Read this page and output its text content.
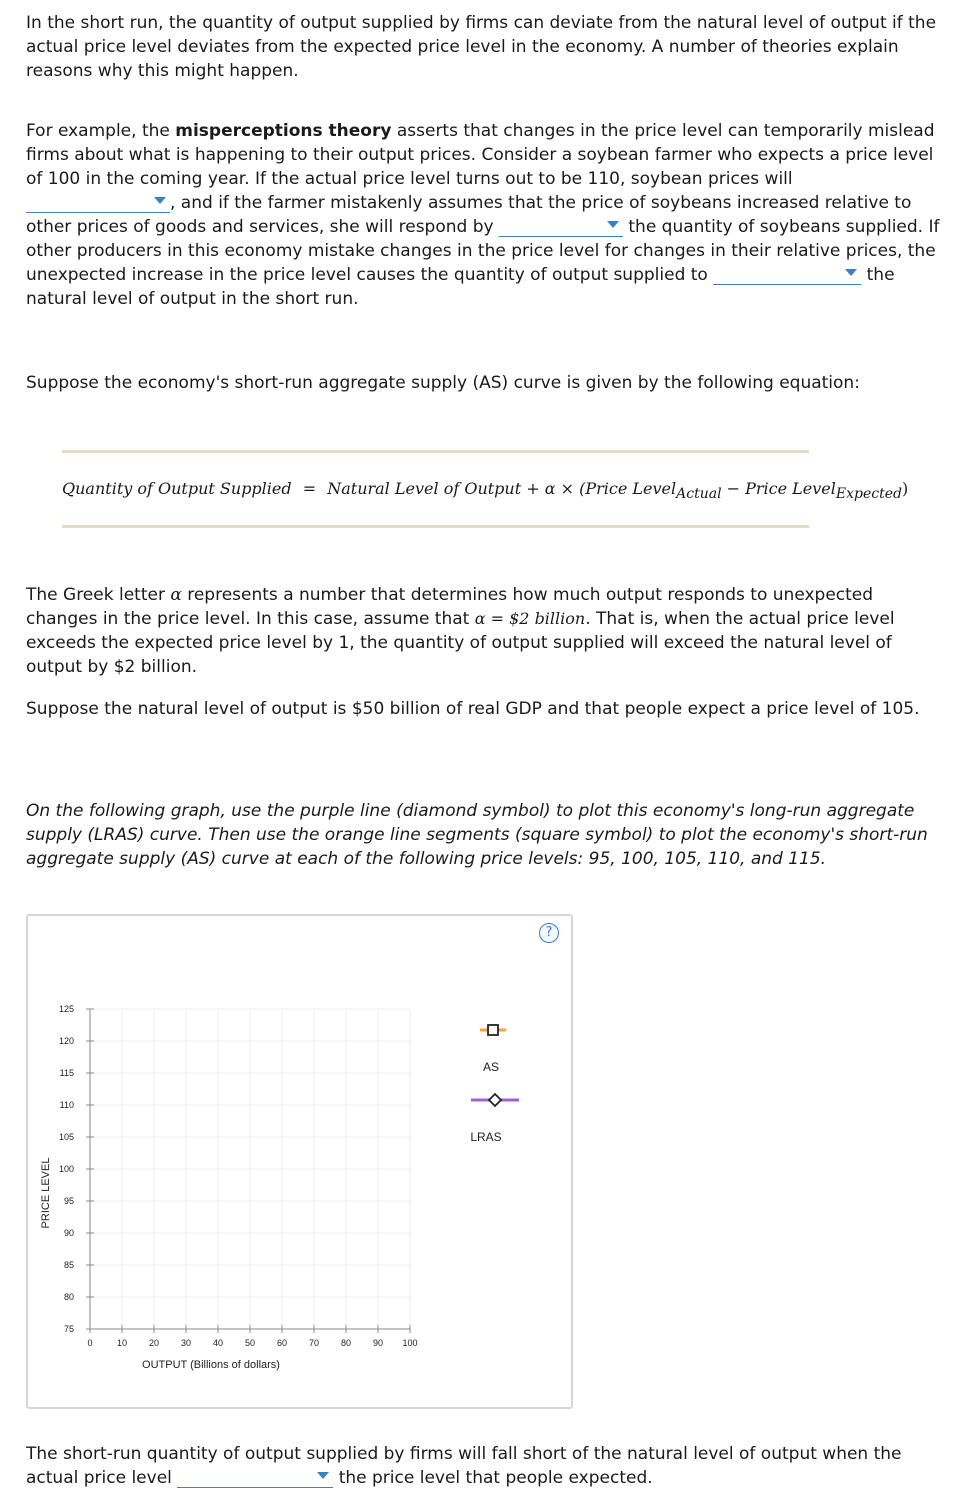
In the short run, the quantity of output supplied by firms can deviate from the natural level of output if the actual price level deviates from the expected price level in the economy. A number of theories explain reasons why this might happen.

For example, the misperceptions theory asserts that changes in the price level can temporarily mislead firms about what is happening to their output prices. Consider a soybean farmer who expects a price level of 100 in the coming year. If the actual price level turns out to be 110, soybean prices will
, and if the farmer mistakenly assumes that the price of soybeans increased relative to other prices of goods and services, she will respond by	the quantity of soybeans supplied. If other producers in this economy mistake changes in the price level for changes in their relative prices, the unexpected increase in the price level causes the quantity of output supplied to	the natural level of output in the short run.

Suppose the economy's short-run aggregate supply (AS) curve is given by the following equation:

Quantity of Output Supplied = Natural Level of Output + α × (Price Level$_{Actual}$ − Price Level$_{Expected}$)

The Greek letter α represents a number that determines how much output responds to unexpected changes in the price level. In this case, assume that α = $2 billion. That is, when the actual price level exceeds the expected price level by 1, the quantity of output supplied will exceed the natural level of output by $2 billion.

Suppose the natural level of output is $50 billion of real GDP and that people expect a price level of 105.

On the following graph, use the purple line (diamond symbol) to plot this economy's long-run aggregate supply (LRAS) curve. Then use the orange line segments (square symbol) to plot the economy's short-run aggregate supply (AS) curve at each of the following price levels: 95, 100, 105, 110, and 115.

?
0	10 20 30 40 50 60 70 80 90 100
75
80
85
90
95
100
105
110
115
120
125
OUTPUT (Billions of dollars)
PRICE LEVEL
AS
LRAS

The short-run quantity of output supplied by firms will fall short of the natural level of output when the actual price level	the price level that people expected.
